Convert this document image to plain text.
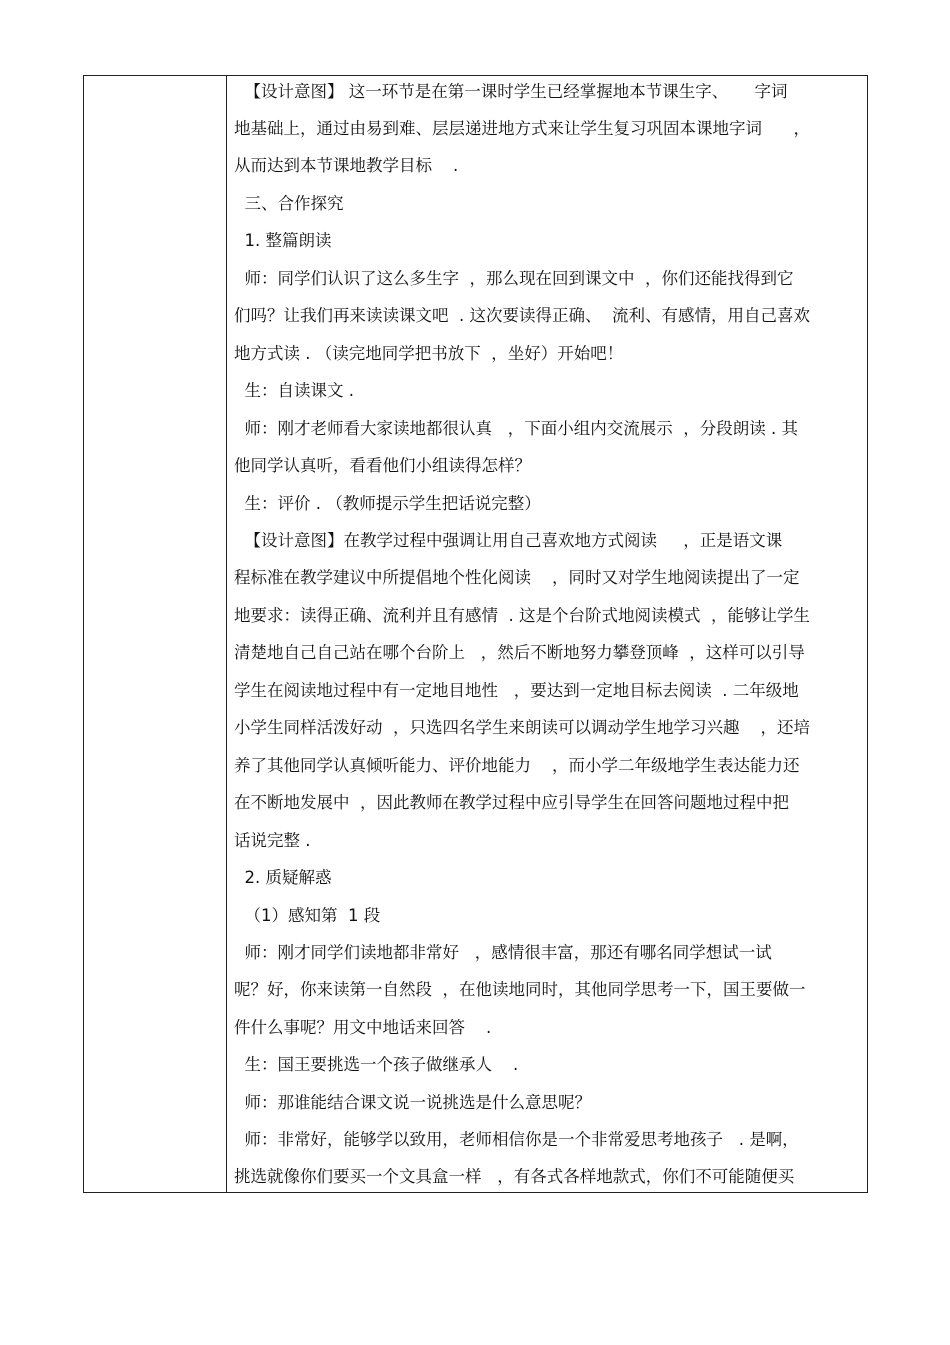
【设计意图】 这一环节是在第一课时学生已经掌握地本节课生字、     字词
地基础上，通过由易到难、层层递进地方式来让学生复习巩固本课地字词      ，
从而达到本节课地教学目标    .
三、合作探究
1. 整篇朗读
师：同学们认识了这么多生字  ，那么现在回到课文中  ，你们还能找得到它
们吗？让我们再来读读课文吧  . 这次要读得正确、  流利、有感情，用自己喜欢
地方式读 . （读完地同学把书放下  ，坐好）开始吧！
生：自读课文 .
师：刚才老师看大家读地都很认真   ，下面小组内交流展示  ，分段朗读 . 其
他同学认真听，看看他们小组读得怎样？
生：评价 . （教师提示学生把话说完整）
【设计意图】在教学过程中强调让用自己喜欢地方式阅读     ，正是语文课
程标准在教学建议中所提倡地个性化阅读    ，同时又对学生地阅读提出了一定
地要求：读得正确、流利并且有感情  . 这是个台阶式地阅读模式  ，能够让学生
清楚地自己自己站在哪个台阶上   ，然后不断地努力攀登顶峰  ，这样可以引导
学生在阅读地过程中有一定地目地性   ，要达到一定地目标去阅读  . 二年级地
小学生同样活泼好动  ，只选四名学生来朗读可以调动学生地学习兴趣    ，还培
养了其他同学认真倾听能力、评价地能力    ，而小学二年级地学生表达能力还
在不断地发展中  ，因此教师在教学过程中应引导学生在回答问题地过程中把
话说完整 .
2. 质疑解惑
（1）感知第  1 段
师：刚才同学们读地都非常好   ，感情很丰富，那还有哪名同学想试一试
呢？好，你来读第一自然段  ，在他读地同时，其他同学思考一下，国王要做一
件什么事呢？用文中地话来回答    .
生：国王要挑选一个孩子做继承人    .
师：那谁能结合课文说一说挑选是什么意思呢？
师：非常好，能够学以致用，老师相信你是一个非常爱思考地孩子   . 是啊，
挑选就像你们要买一个文具盒一样   ，有各式各样地款式，你们不可能随便买
